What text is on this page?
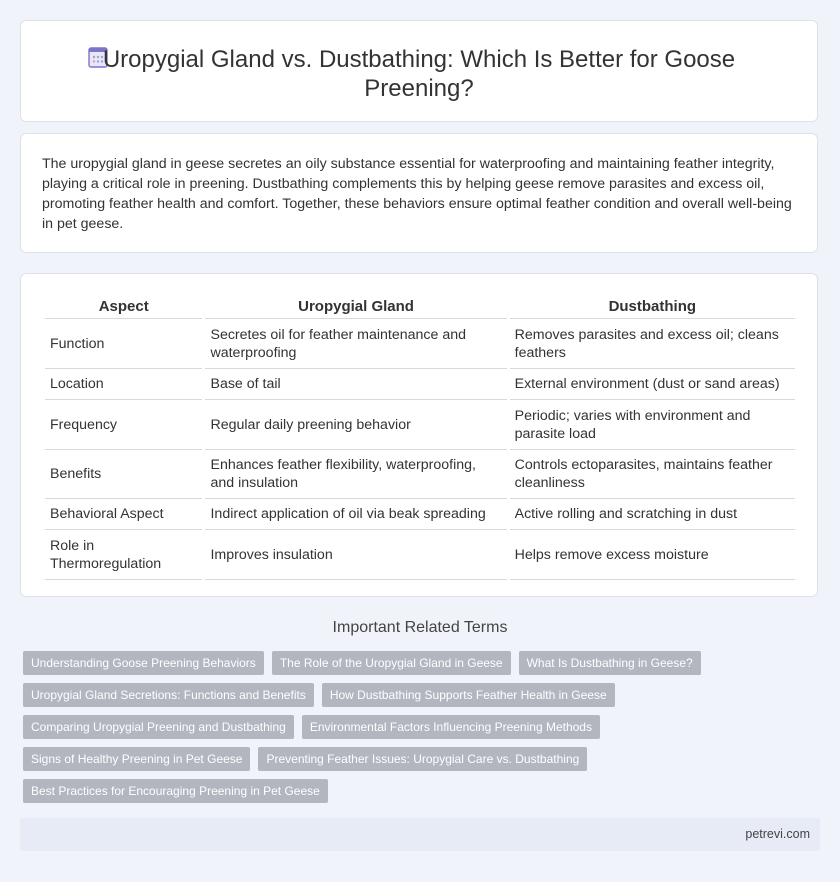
Uropygial Gland vs. Dustbathing: Which Is Better for Goose Preening?

The uropygial gland in geese secretes an oily substance essential for waterproofing and maintaining feather integrity, playing a critical role in preening. Dustbathing complements this by helping geese remove parasites and excess oil, promoting feather health and comfort. Together, these behaviors ensure optimal feather condition and overall well-being in pet geese.

Aspect	Uropygial Gland	Dustbathing
Function	Secretes oil for feather maintenance and waterproofing	Removes parasites and excess oil; cleans feathers
Location	Base of tail	External environment (dust or sand areas)
Frequency	Regular daily preening behavior	Periodic; varies with environment and parasite load
Benefits	Enhances feather flexibility, waterproofing, and insulation	Controls ectoparasites, maintains feather cleanliness
Behavioral Aspect	Indirect application of oil via beak spreading	Active rolling and scratching in dust
Role in Thermoregulation	Improves insulation	Helps remove excess moisture
Important Related Terms
Understanding Goose Preening Behaviors	The Role of the Uropygial Gland in Geese	What Is Dustbathing in Geese?
Uropygial Gland Secretions: Functions and Benefits	How Dustbathing Supports Feather Health in Geese
Comparing Uropygial Preening and Dustbathing	Environmental Factors Influencing Preening Methods
Signs of Healthy Preening in Pet Geese	Preventing Feather Issues: Uropygial Care vs. Dustbathing
Best Practices for Encouraging Preening in Pet Geese
petrevi.com
